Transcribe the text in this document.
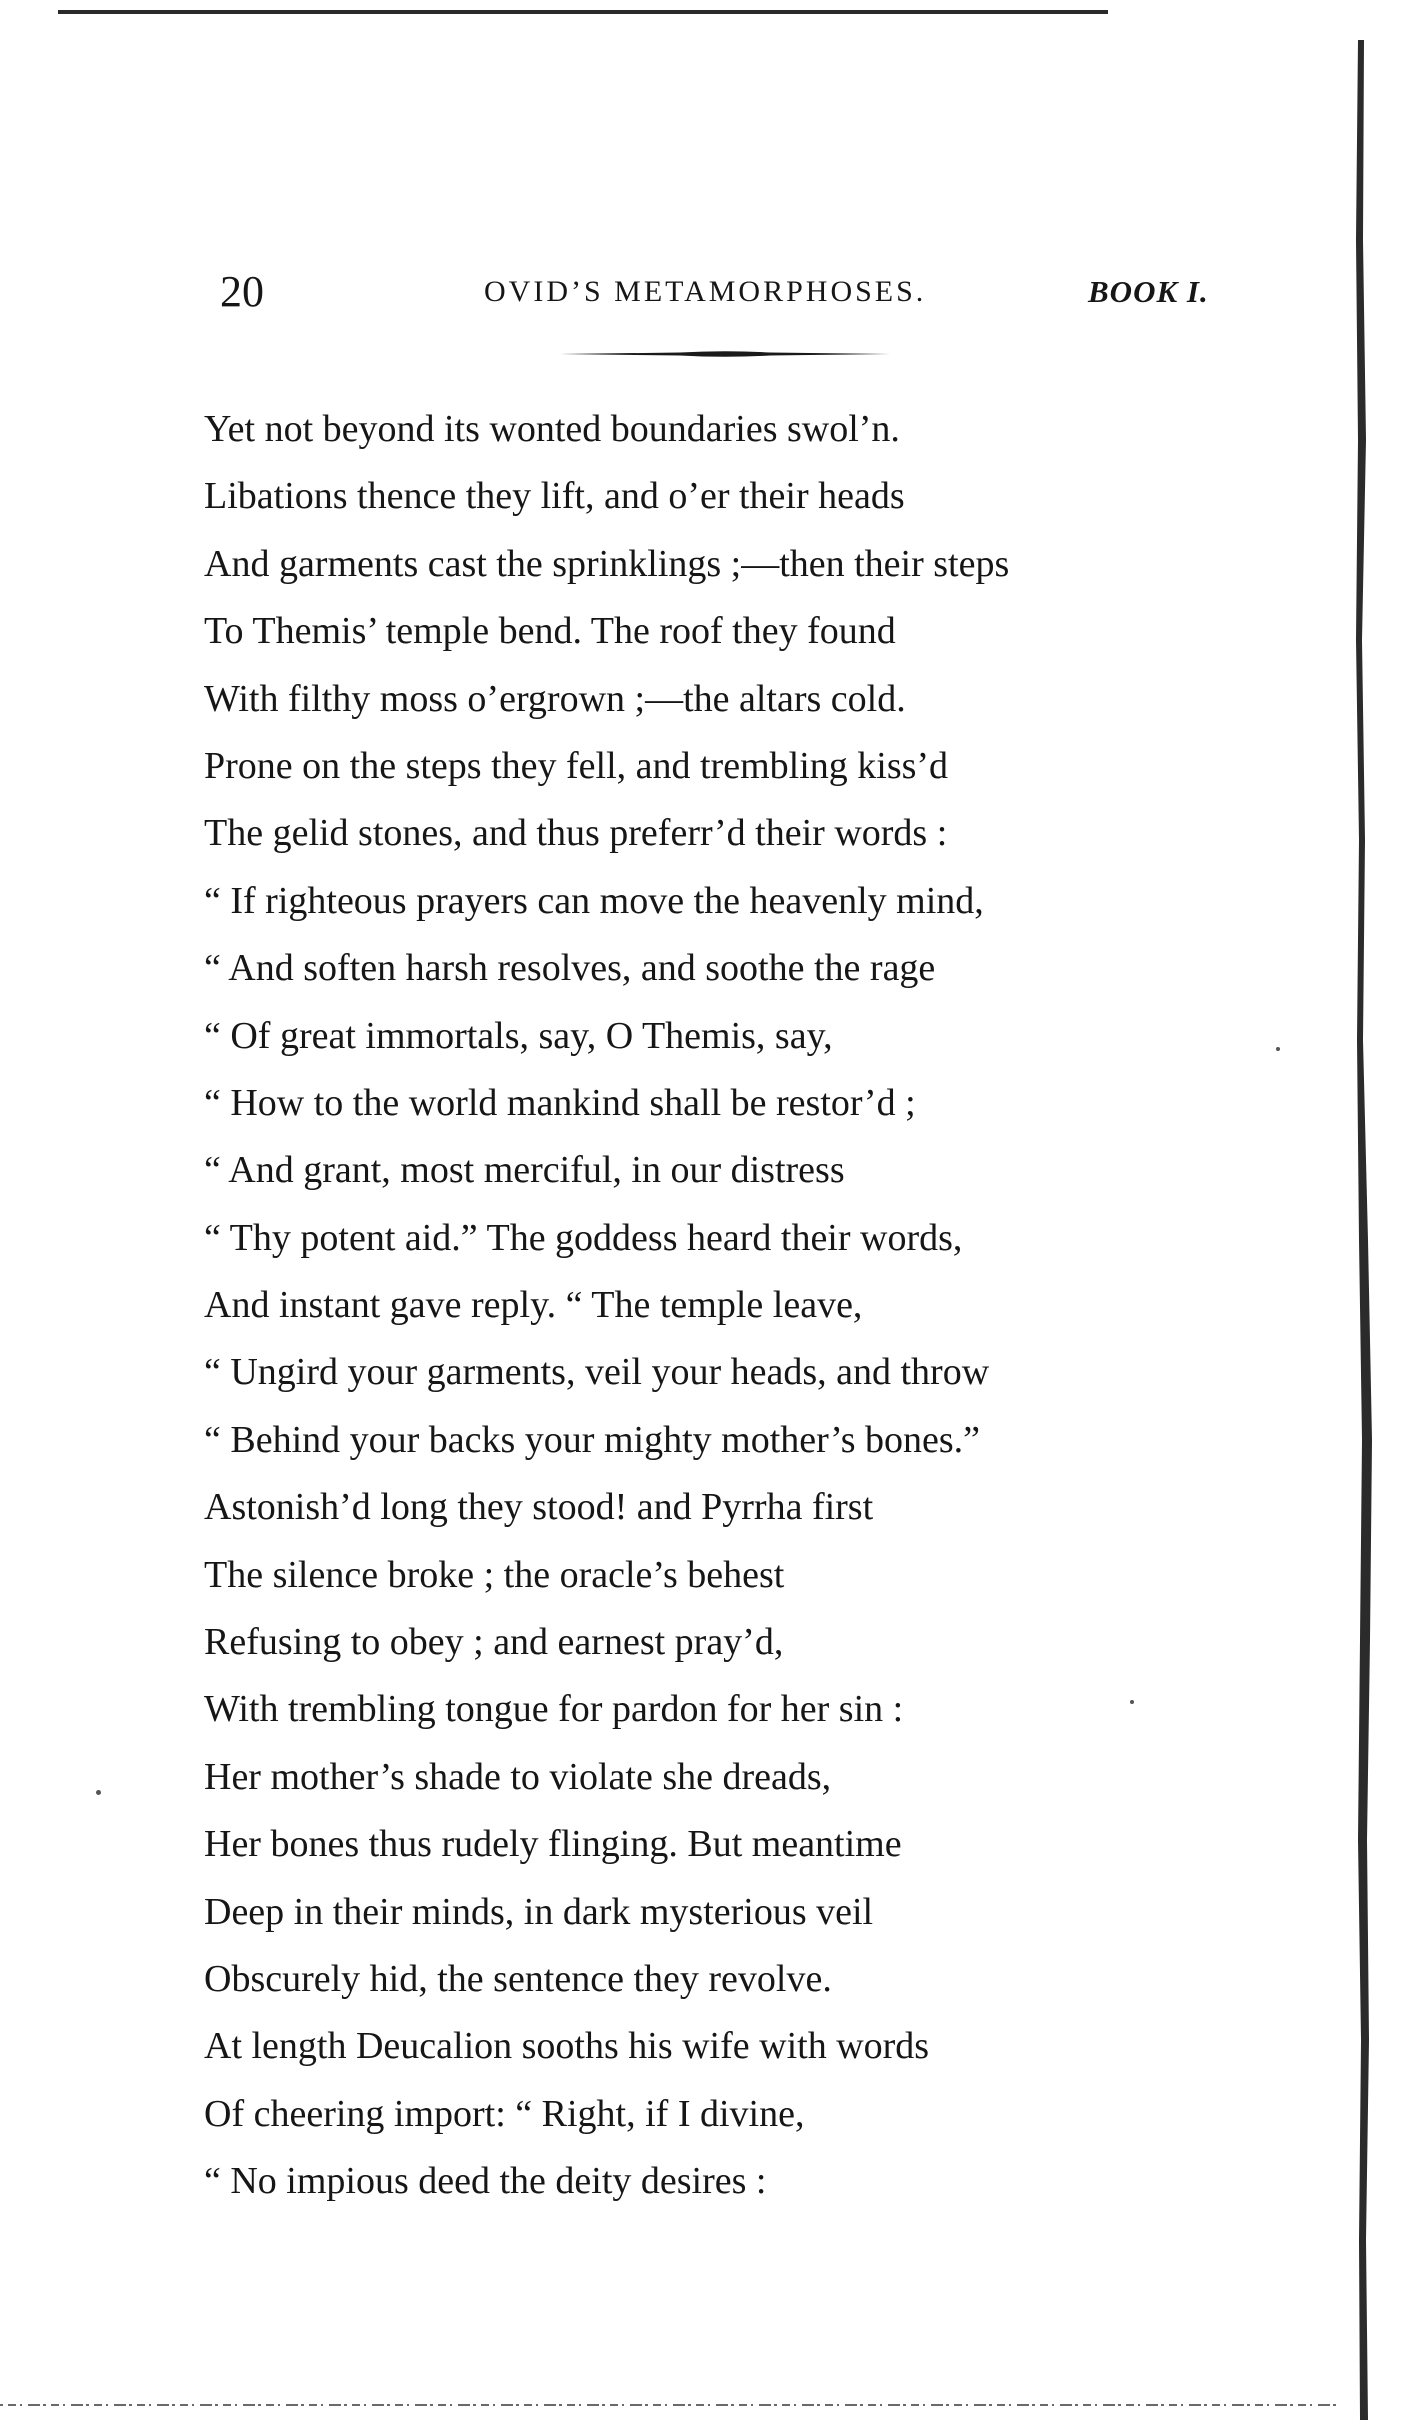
20	OVID’S METAMORPHOSES.	BOOK I.
Yet not beyond its wonted boundaries swol’n.
Libations thence they lift, and o’er their heads
And garments cast the sprinklings ;—then their steps
To Themis’ temple bend. The roof they found
With filthy moss o’ergrown ;—the altars cold.
Prone on the steps they fell, and trembling kiss’d
The gelid stones, and thus preferr’d their words :
“ If righteous prayers can move the heavenly mind,
“ And soften harsh resolves, and soothe the rage
“ Of great immortals, say, O Themis, say,
“ How to the world mankind shall be restor’d ;
“ And grant, most merciful, in our distress
“ Thy potent aid.” The goddess heard their words,
And instant gave reply. “ The temple leave,
“ Ungird your garments, veil your heads, and throw
“ Behind your backs your mighty mother’s bones.”
Astonish’d long they stood! and Pyrrha first
The silence broke ; the oracle’s behest
Refusing to obey ; and earnest pray’d,
With trembling tongue for pardon for her sin :
Her mother’s shade to violate she dreads,
Her bones thus rudely flinging. But meantime
Deep in their minds, in dark mysterious veil
Obscurely hid, the sentence they revolve.
At length Deucalion sooths his wife with words
Of cheering import: “ Right, if I divine,
“ No impious deed the deity desires :
